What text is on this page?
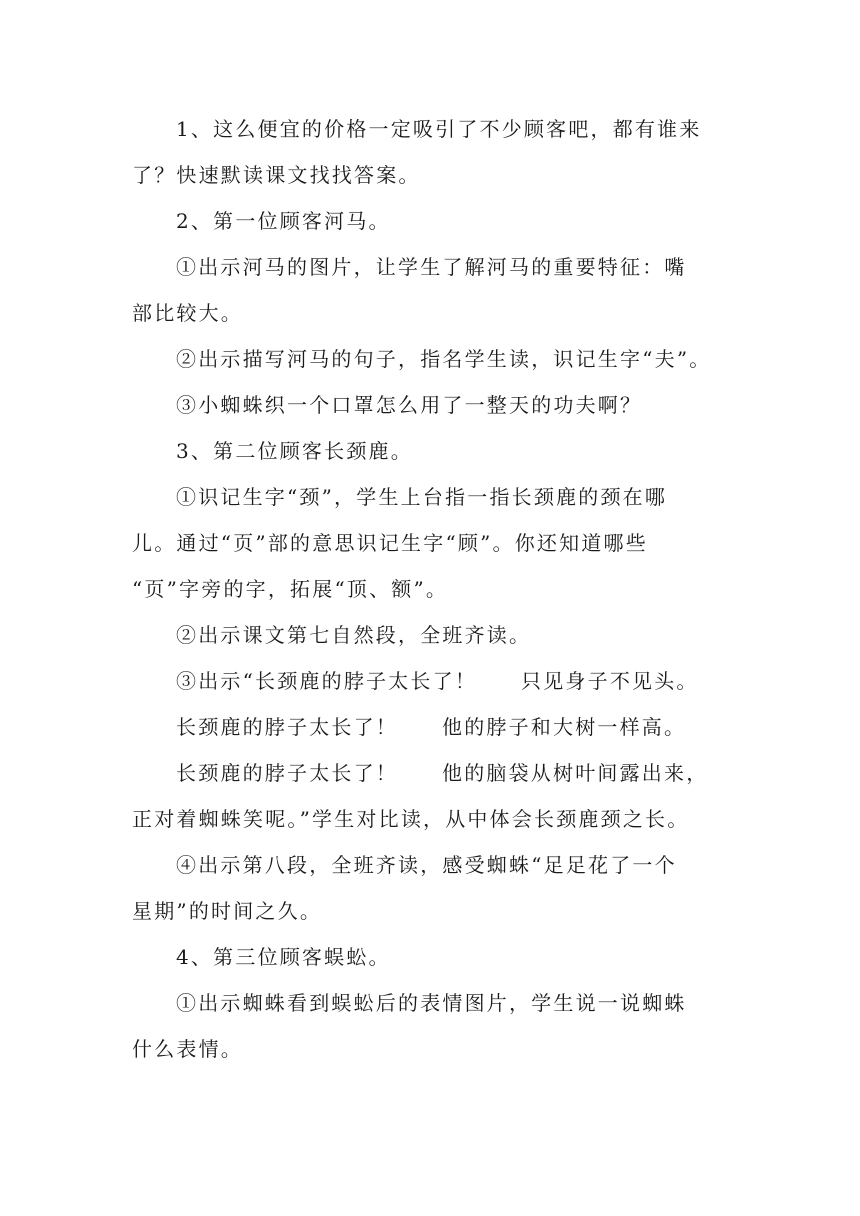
1、这么便宜的价格一定吸引了不少顾客吧，都有谁来
了？快速默读课文找找答案。
2、第一位顾客河马。
①出示河马的图片，让学生了解河马的重要特征：嘴
部比较大。
②出示描写河马的句子，指名学生读，识记生字“夫”。
③小蜘蛛织一个口罩怎么用了一整天的功夫啊？
3、第二位顾客长颈鹿。
①识记生字“颈”，学生上台指一指长颈鹿的颈在哪
儿。通过“页”部的意思识记生字“顾”。你还知道哪些
“页”字旁的字，拓展“顶、额”。
②出示课文第七自然段，全班齐读。
③出示“长颈鹿的脖子太长了！ 只见身子不见头。
长颈鹿的脖子太长了！ 他的脖子和大树一样高。
长颈鹿的脖子太长了！ 他的脑袋从树叶间露出来，
正对着蜘蛛笑呢。”学生对比读，从中体会长颈鹿颈之长。
④出示第八段，全班齐读，感受蜘蛛“足足花了一个
星期”的时间之久。
4、第三位顾客蜈蚣。
①出示蜘蛛看到蜈蚣后的表情图片，学生说一说蜘蛛
什么表情。
